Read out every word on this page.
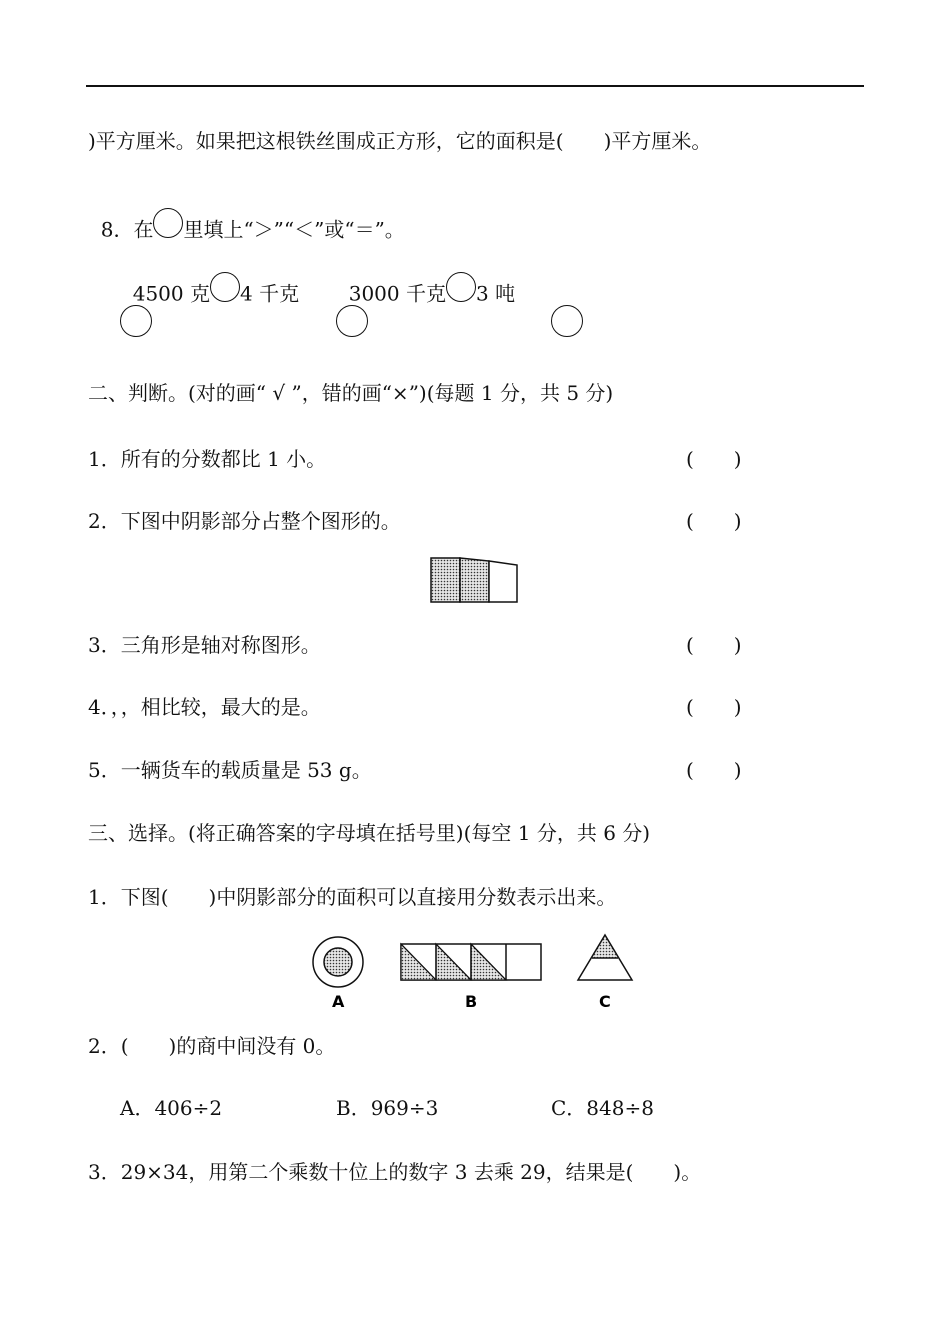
)平方厘米。如果把这根铁丝围成正方形，它的面积是(　　)平方厘米。

8．在 里填上“＞”“＜”或“＝”。

4500 克 4 千克	3000 千克 3 吨

二、判断。(对的画“ √ ”，错的画“×”)(每题 1 分，共 5 分)
1．所有的分数都比 1 小。	(　　)
2．下图中阴影部分占整个图形的。	(　　)
3．三角形是轴对称图形。	(　　)
4．，，相比较，最大的是。	(　　)
5．一辆货车的载质量是 53 g。	(　　)
三、选择。(将正确答案的字母填在括号里)(每空 1 分，共 6 分)
1．下图(　　)中阴影部分的面积可以直接用分数表示出来。
A	B	C
2．(　　)的商中间没有 0。
A．406÷2	B．969÷3	C．848÷8
3．29×34，用第二个乘数十位上的数字 3 去乘 29，结果是(　　)。
